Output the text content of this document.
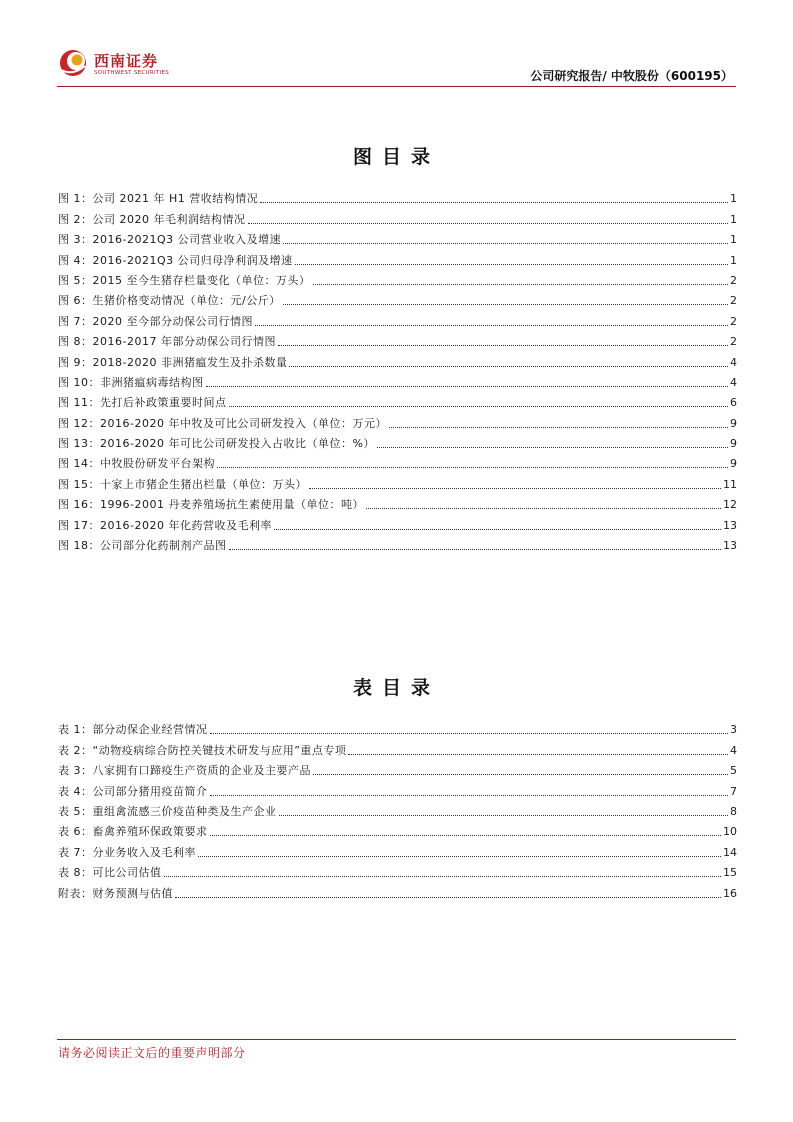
西南证券
SOUTHWEST SECURITIES	公司研究报告/ 中牧股份（600195）
图目录
图 1：公司 2021 年 H1 营收结构情况	1
图 2：公司 2020 年毛利润结构情况	1
图 3：2016-2021Q3 公司营业收入及增速	1
图 4：2016-2021Q3 公司归母净利润及增速	1
图 5：2015 至今生猪存栏量变化（单位：万头）	2
图 6：生猪价格变动情况（单位：元/公斤）	2
图 7：2020 至今部分动保公司行情图	2
图 8：2016-2017 年部分动保公司行情图	2
图 9：2018-2020 非洲猪瘟发生及扑杀数量	4
图 10：非洲猪瘟病毒结构图	4
图 11：先打后补政策重要时间点	6
图 12：2016-2020 年中牧及可比公司研发投入（单位：万元）	9
图 13：2016-2020 年可比公司研发投入占收比（单位：%）	9
图 14：中牧股份研发平台架构	9
图 15：十家上市猪企生猪出栏量（单位：万头）	11
图 16：1996-2001 丹麦养殖场抗生素使用量（单位：吨）	12
图 17：2016-2020 年化药营收及毛利率	13
图 18：公司部分化药制剂产品图	13
表目录
表 1：部分动保企业经营情况	3
表 2：“动物疫病综合防控关键技术研发与应用”重点专项	4
表 3：八家拥有口蹄疫生产资质的企业及主要产品	5
表 4：公司部分猪用疫苗简介	7
表 5：重组禽流感三价疫苗种类及生产企业	8
表 6：畜禽养殖环保政策要求	10
表 7：分业务收入及毛利率	14
表 8：可比公司估值	15
附表：财务预测与估值	16
请务必阅读正文后的重要声明部分
